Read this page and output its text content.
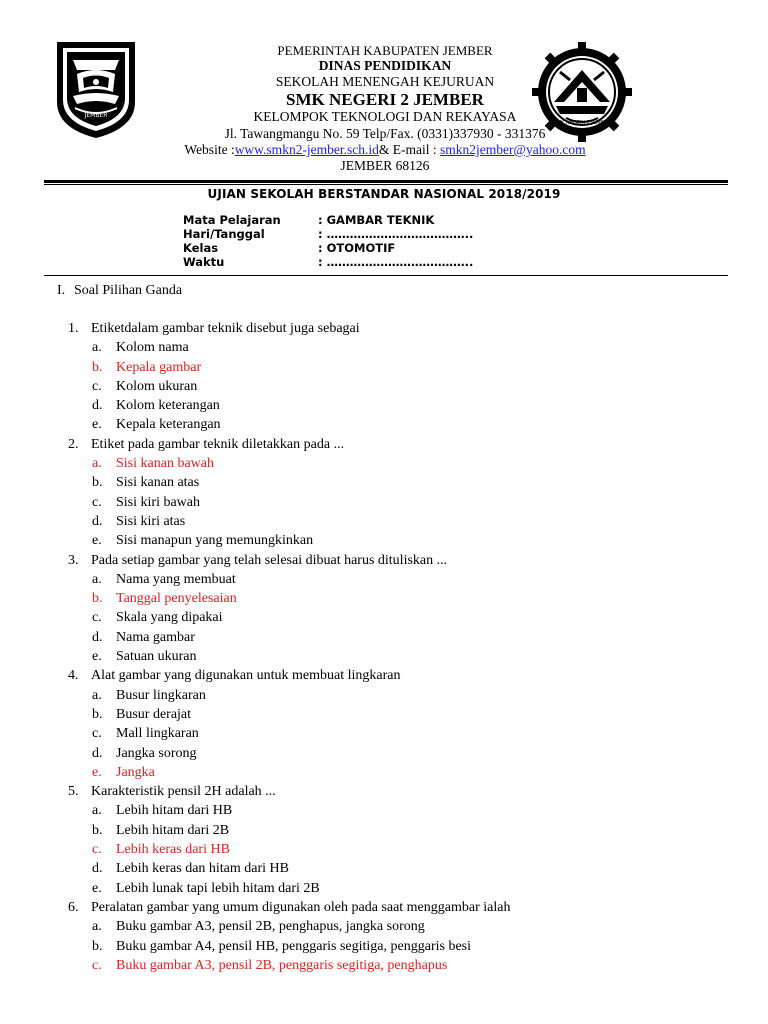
JEMBER
SMK NEGERI 2 JEMBER
PEMERINTAH KABUPATEN JEMBER
DINAS PENDIDIKAN
SEKOLAH MENENGAH KEJURUAN
SMK NEGERI 2 JEMBER
KELOMPOK TEKNOLOGI DAN REKAYASA
Jl. Tawangmangu No. 59 Telp/Fax. (0331)337930 - 331376
Website :www.smkn2-jember.sch.id& E-mail : smkn2jember@yahoo.com
JEMBER 68126
UJIAN SEKOLAH BERSTANDAR NASIONAL 2018/2019
Mata Pelajaran	: GAMBAR TEKNIK
Hari/Tanggal	: ………………………………..
Kelas	: OTOMOTIF
Waktu	: ………………………………..
I. Soal Pilihan Ganda
1. Etiketdalam gambar teknik disebut juga sebagai
a. Kolom nama
b. Kepala gambar
c. Kolom ukuran
d. Kolom keterangan
e. Kepala keterangan
2. Etiket pada gambar teknik diletakkan pada ...
a. Sisi kanan bawah
b. Sisi kanan atas
c. Sisi kiri bawah
d. Sisi kiri atas
e. Sisi manapun yang memungkinkan
3. Pada setiap gambar yang telah selesai dibuat harus dituliskan ...
a. Nama yang membuat
b. Tanggal penyelesaian
c. Skala yang dipakai
d. Nama gambar
e. Satuan ukuran
4. Alat gambar yang digunakan untuk membuat lingkaran
a. Busur lingkaran
b. Busur derajat
c. Mall lingkaran
d. Jangka sorong
e. Jangka
5. Karakteristik pensil 2H adalah ...
a. Lebih hitam dari HB
b. Lebih hitam dari 2B
c. Lebih keras dari HB
d. Lebih keras dan hitam dari HB
e. Lebih lunak tapi lebih hitam dari 2B
6. Peralatan gambar yang umum digunakan oleh pada saat menggambar ialah
a. Buku gambar A3, pensil 2B, penghapus, jangka sorong
b. Buku gambar A4, pensil HB, penggaris segitiga, penggaris besi
c. Buku gambar A3, pensil 2B, penggaris segitiga, penghapus
